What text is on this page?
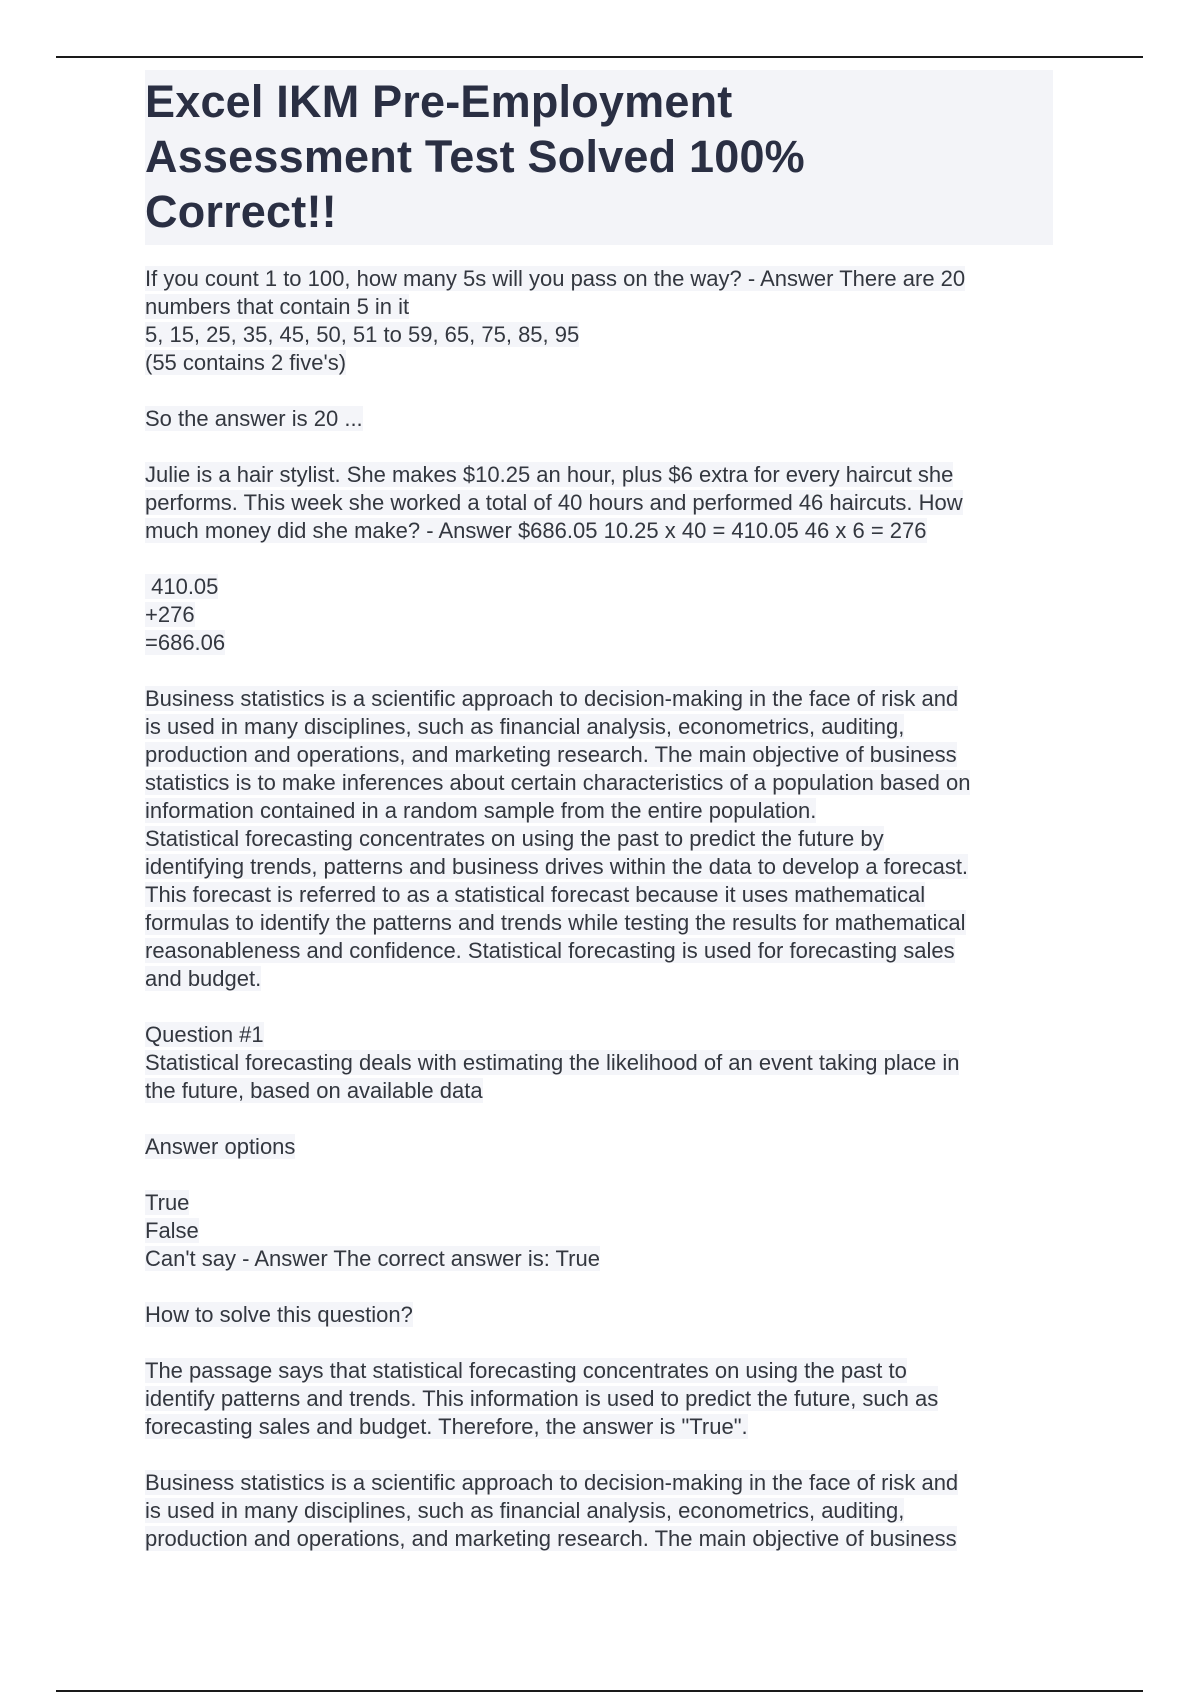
Excel IKM Pre-Employment
Assessment Test Solved 100%
Correct!!
If you count 1 to 100, how many 5s will you pass on the way? - Answer There are 20
numbers that contain 5 in it
5, 15, 25, 35, 45, 50, 51 to 59, 65, 75, 85, 95
(55 contains 2 five's)
So the answer is 20 ...
Julie is a hair stylist. She makes $10.25 an hour, plus $6 extra for every haircut she
performs. This week she worked a total of 40 hours and performed 46 haircuts. How
much money did she make? - Answer $686.05 10.25 x 40 = 410.05 46 x 6 = 276
410.05
+276
=686.06
Business statistics is a scientific approach to decision-making in the face of risk and
is used in many disciplines, such as financial analysis, econometrics, auditing,
production and operations, and marketing research. The main objective of business
statistics is to make inferences about certain characteristics of a population based on
information contained in a random sample from the entire population.
Statistical forecasting concentrates on using the past to predict the future by
identifying trends, patterns and business drives within the data to develop a forecast.
This forecast is referred to as a statistical forecast because it uses mathematical
formulas to identify the patterns and trends while testing the results for mathematical
reasonableness and confidence. Statistical forecasting is used for forecasting sales
and budget.
Question #1
Statistical forecasting deals with estimating the likelihood of an event taking place in
the future, based on available data
Answer options
True
False
Can't say - Answer The correct answer is: True
How to solve this question?
The passage says that statistical forecasting concentrates on using the past to
identify patterns and trends. This information is used to predict the future, such as
forecasting sales and budget. Therefore, the answer is "True".
Business statistics is a scientific approach to decision-making in the face of risk and
is used in many disciplines, such as financial analysis, econometrics, auditing,
production and operations, and marketing research. The main objective of business
